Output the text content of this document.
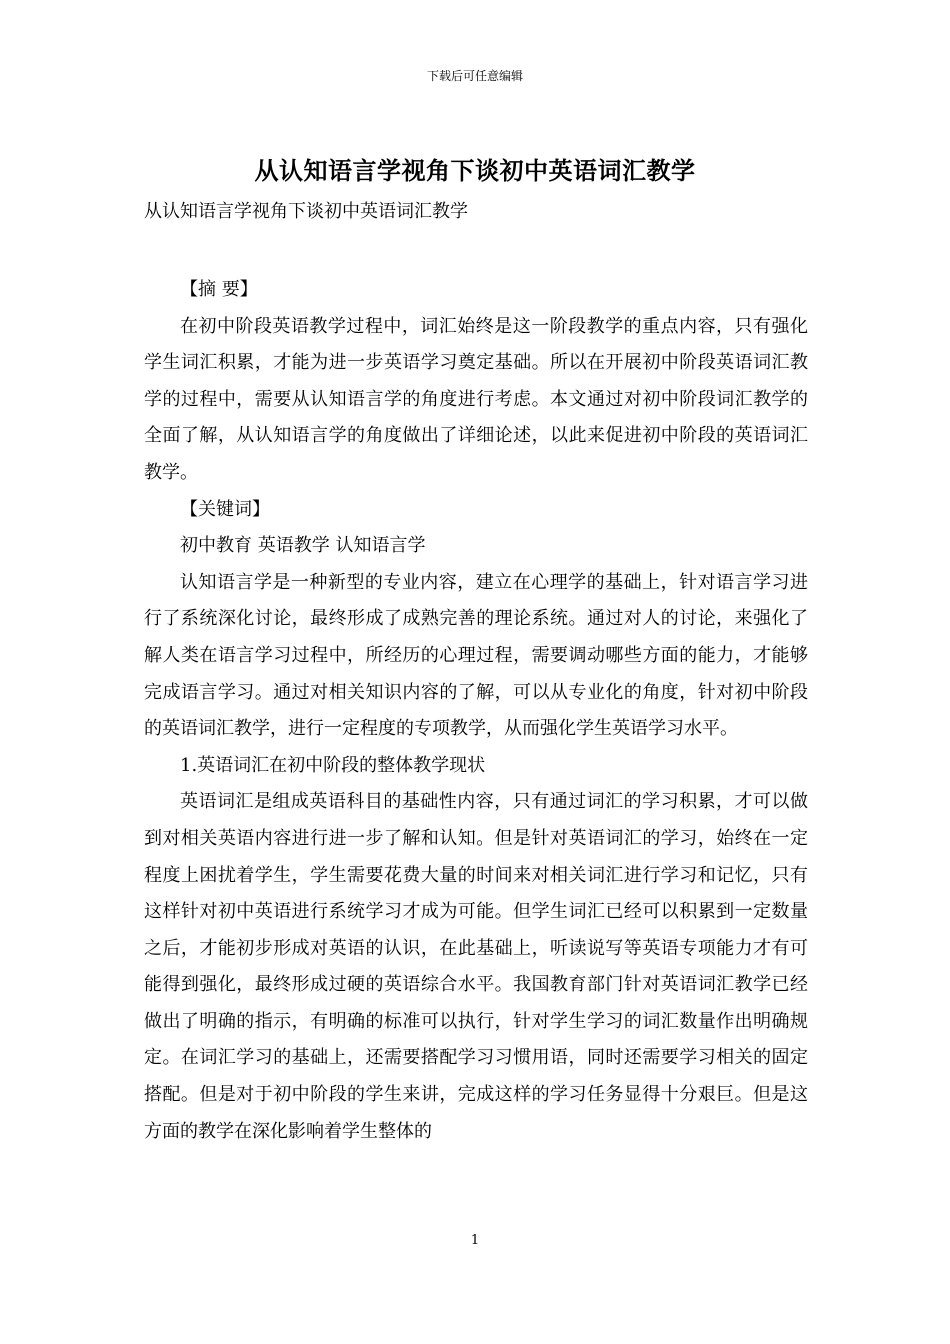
下载后可任意编辑
从认知语言学视角下谈初中英语词汇教学
从认知语言学视角下谈初中英语词汇教学

【摘 要】

在初中阶段英语教学过程中，词汇始终是这一阶段教学的重点内容，只有强化学生词汇积累，才能为进一步英语学习奠定基础。所以在开展初中阶段英语词汇教学的过程中，需要从认知语言学的角度进行考虑。本文通过对初中阶段词汇教学的全面了解，从认知语言学的角度做出了详细论述，以此来促进初中阶段的英语词汇教学。

【关键词】

初中教育 英语教学 认知语言学

认知语言学是一种新型的专业内容，建立在心理学的基础上，针对语言学习进行了系统深化讨论，最终形成了成熟完善的理论系统。通过对人的讨论，来强化了解人类在语言学习过程中，所经历的心理过程，需要调动哪些方面的能力，才能够完成语言学习。通过对相关知识内容的了解，可以从专业化的角度，针对初中阶段的英语词汇教学，进行一定程度的专项教学，从而强化学生英语学习水平。

1.英语词汇在初中阶段的整体教学现状

英语词汇是组成英语科目的基础性内容，只有通过词汇的学习积累，才可以做到对相关英语内容进行进一步了解和认知。但是针对英语词汇的学习，始终在一定程度上困扰着学生，学生需要花费大量的时间来对相关词汇进行学习和记忆，只有这样针对初中英语进行系统学习才成为可能。但学生词汇已经可以积累到一定数量之后，才能初步形成对英语的认识，在此基础上，听读说写等英语专项能力才有可能得到强化，最终形成过硬的英语综合水平。我国教育部门针对英语词汇教学已经做出了明确的指示，有明确的标准可以执行，针对学生学习的词汇数量作出明确规定。在词汇学习的基础上，还需要搭配学习习惯用语，同时还需要学习相关的固定搭配。但是对于初中阶段的学生来讲，完成这样的学习任务显得十分艰巨。但是这方面的教学在深化影响着学生整体的

1
